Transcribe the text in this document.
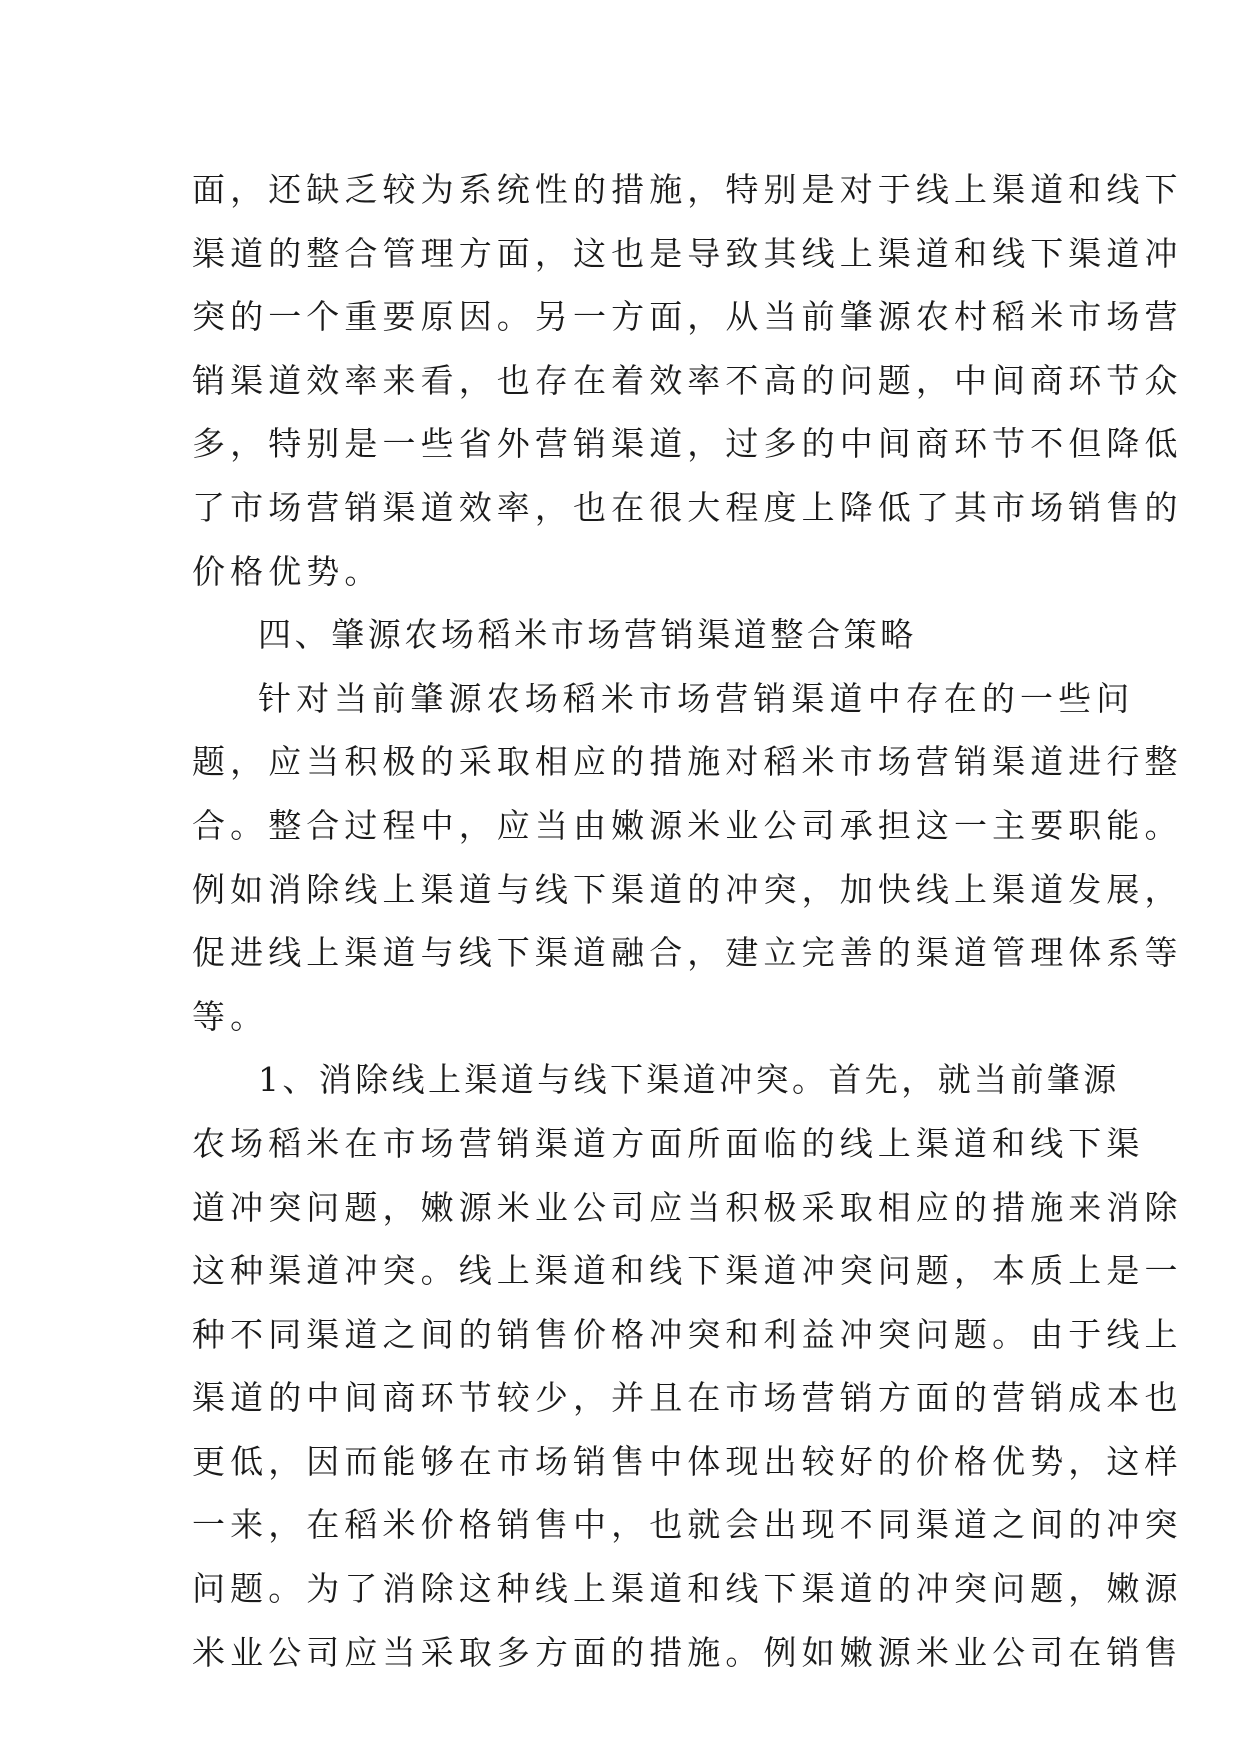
面，还缺乏较为系统性的措施，特别是对于线上渠道和线下
渠道的整合管理方面，这也是导致其线上渠道和线下渠道冲
突的一个重要原因。另一方面，从当前肇源农村稻米市场营
销渠道效率来看，也存在着效率不高的问题，中间商环节众
多，特别是一些省外营销渠道，过多的中间商环节不但降低
了市场营销渠道效率，也在很大程度上降低了其市场销售的
价格优势。
四、肇源农场稻米市场营销渠道整合策略
针对当前肇源农场稻米市场营销渠道中存在的一些问
题，应当积极的采取相应的措施对稻米市场营销渠道进行整
合。整合过程中，应当由嫩源米业公司承担这一主要职能。
例如消除线上渠道与线下渠道的冲突，加快线上渠道发展，
促进线上渠道与线下渠道融合，建立完善的渠道管理体系等
等。
1、消除线上渠道与线下渠道冲突。首先，就当前肇源
农场稻米在市场营销渠道方面所面临的线上渠道和线下渠
道冲突问题，嫩源米业公司应当积极采取相应的措施来消除
这种渠道冲突。线上渠道和线下渠道冲突问题，本质上是一
种不同渠道之间的销售价格冲突和利益冲突问题。由于线上
渠道的中间商环节较少，并且在市场营销方面的营销成本也
更低，因而能够在市场销售中体现出较好的价格优势，这样
一来，在稻米价格销售中，也就会出现不同渠道之间的冲突
问题。为了消除这种线上渠道和线下渠道的冲突问题，嫩源
米业公司应当采取多方面的措施。例如嫩源米业公司在销售
